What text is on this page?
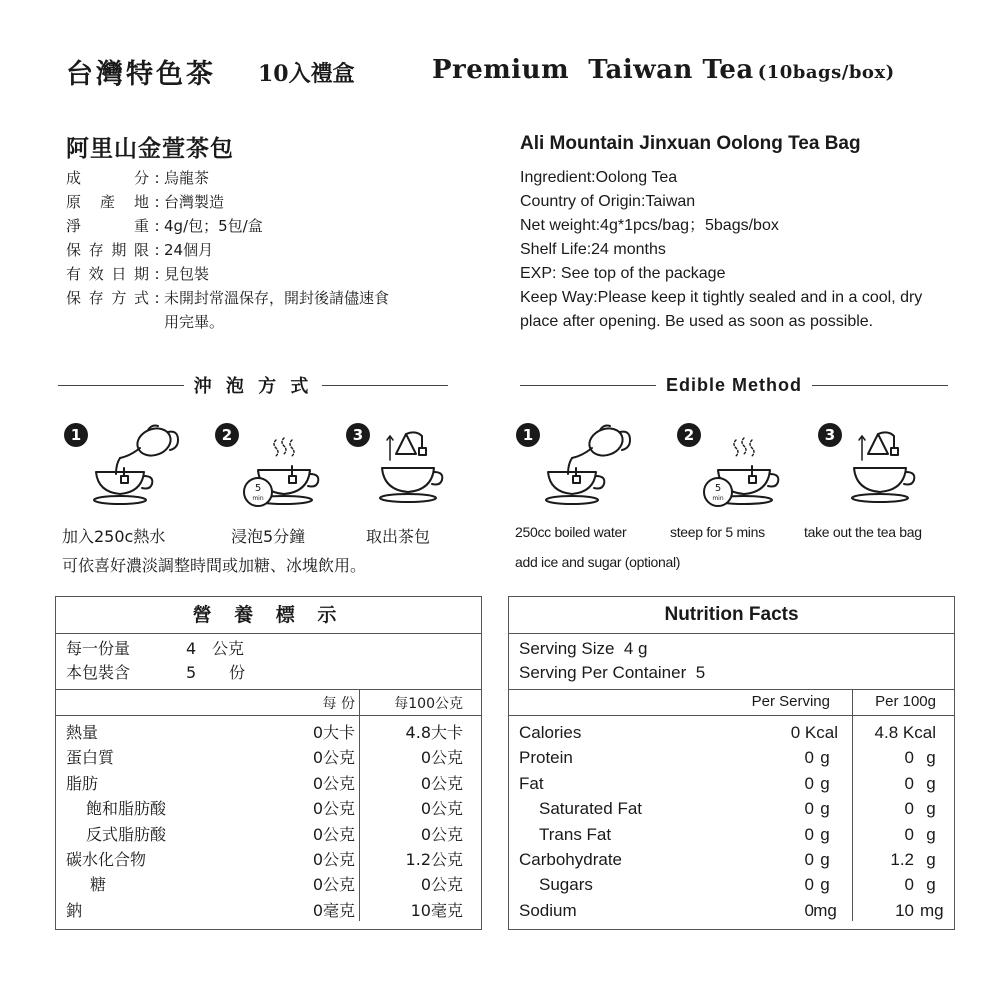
台灣特色茶 10入禮盒	Premium  Taiwan Tea (10bags/box)
阿里山金萱茶包
成　　分 : 烏龍茶
原 產 地 : 台灣製造
淨　　重 : 4g/包；5包/盒
保存期限 : 24個月
有效日期 : 見包裝
保存方式 : 未開封常溫保存，開封後請儘速食
用完畢。
Ali Mountain Jinxuan Oolong Tea Bag
Ingredient:Oolong Tea
Country of Origin:Taiwan
Net weight:4g*1pcs/bag；5bags/box
Shelf Life:24 months
EXP: See top of the package
Keep Way:Please keep it tightly sealed and in a cool, dry place after opening. Be used as soon as possible.
沖 泡 方 式	Edible Method
1	2	3	1	2	3
5
min
5
min
加入250c熱水	浸泡5分鐘	取出茶包
可依喜好濃淡調整時間或加糖、冰塊飲用。
250cc boiled water	steep for 5 mins	take out the tea bag
add ice and sugar (optional)
營 養 標 示
每一份量	4 公克
本包裝含	5 份
每 份	每100公克
熱量	0大卡	4.8大卡
蛋白質	0公克	0公克
脂肪	0公克	0公克
飽和脂肪酸	0公克	0公克
反式脂肪酸	0公克	0公克
碳水化合物	0公克	1.2公克
糖	0公克	0公克
鈉	0毫克	10毫克
Nutrition Facts
Serving Size  4 g
Serving Per Container  5
Per Serving	Per 100g
Calories	0 Kcal 4.8 Kcal
Protein	0 g	0 g
Fat	0 g	0 g
Saturated Fat	0 g	0 g
Trans Fat	0 g	0 g
Carbohydrate	0 g	1.2 g
Sugars	0 g	0 g
Sodium	0 mg	10 mg
